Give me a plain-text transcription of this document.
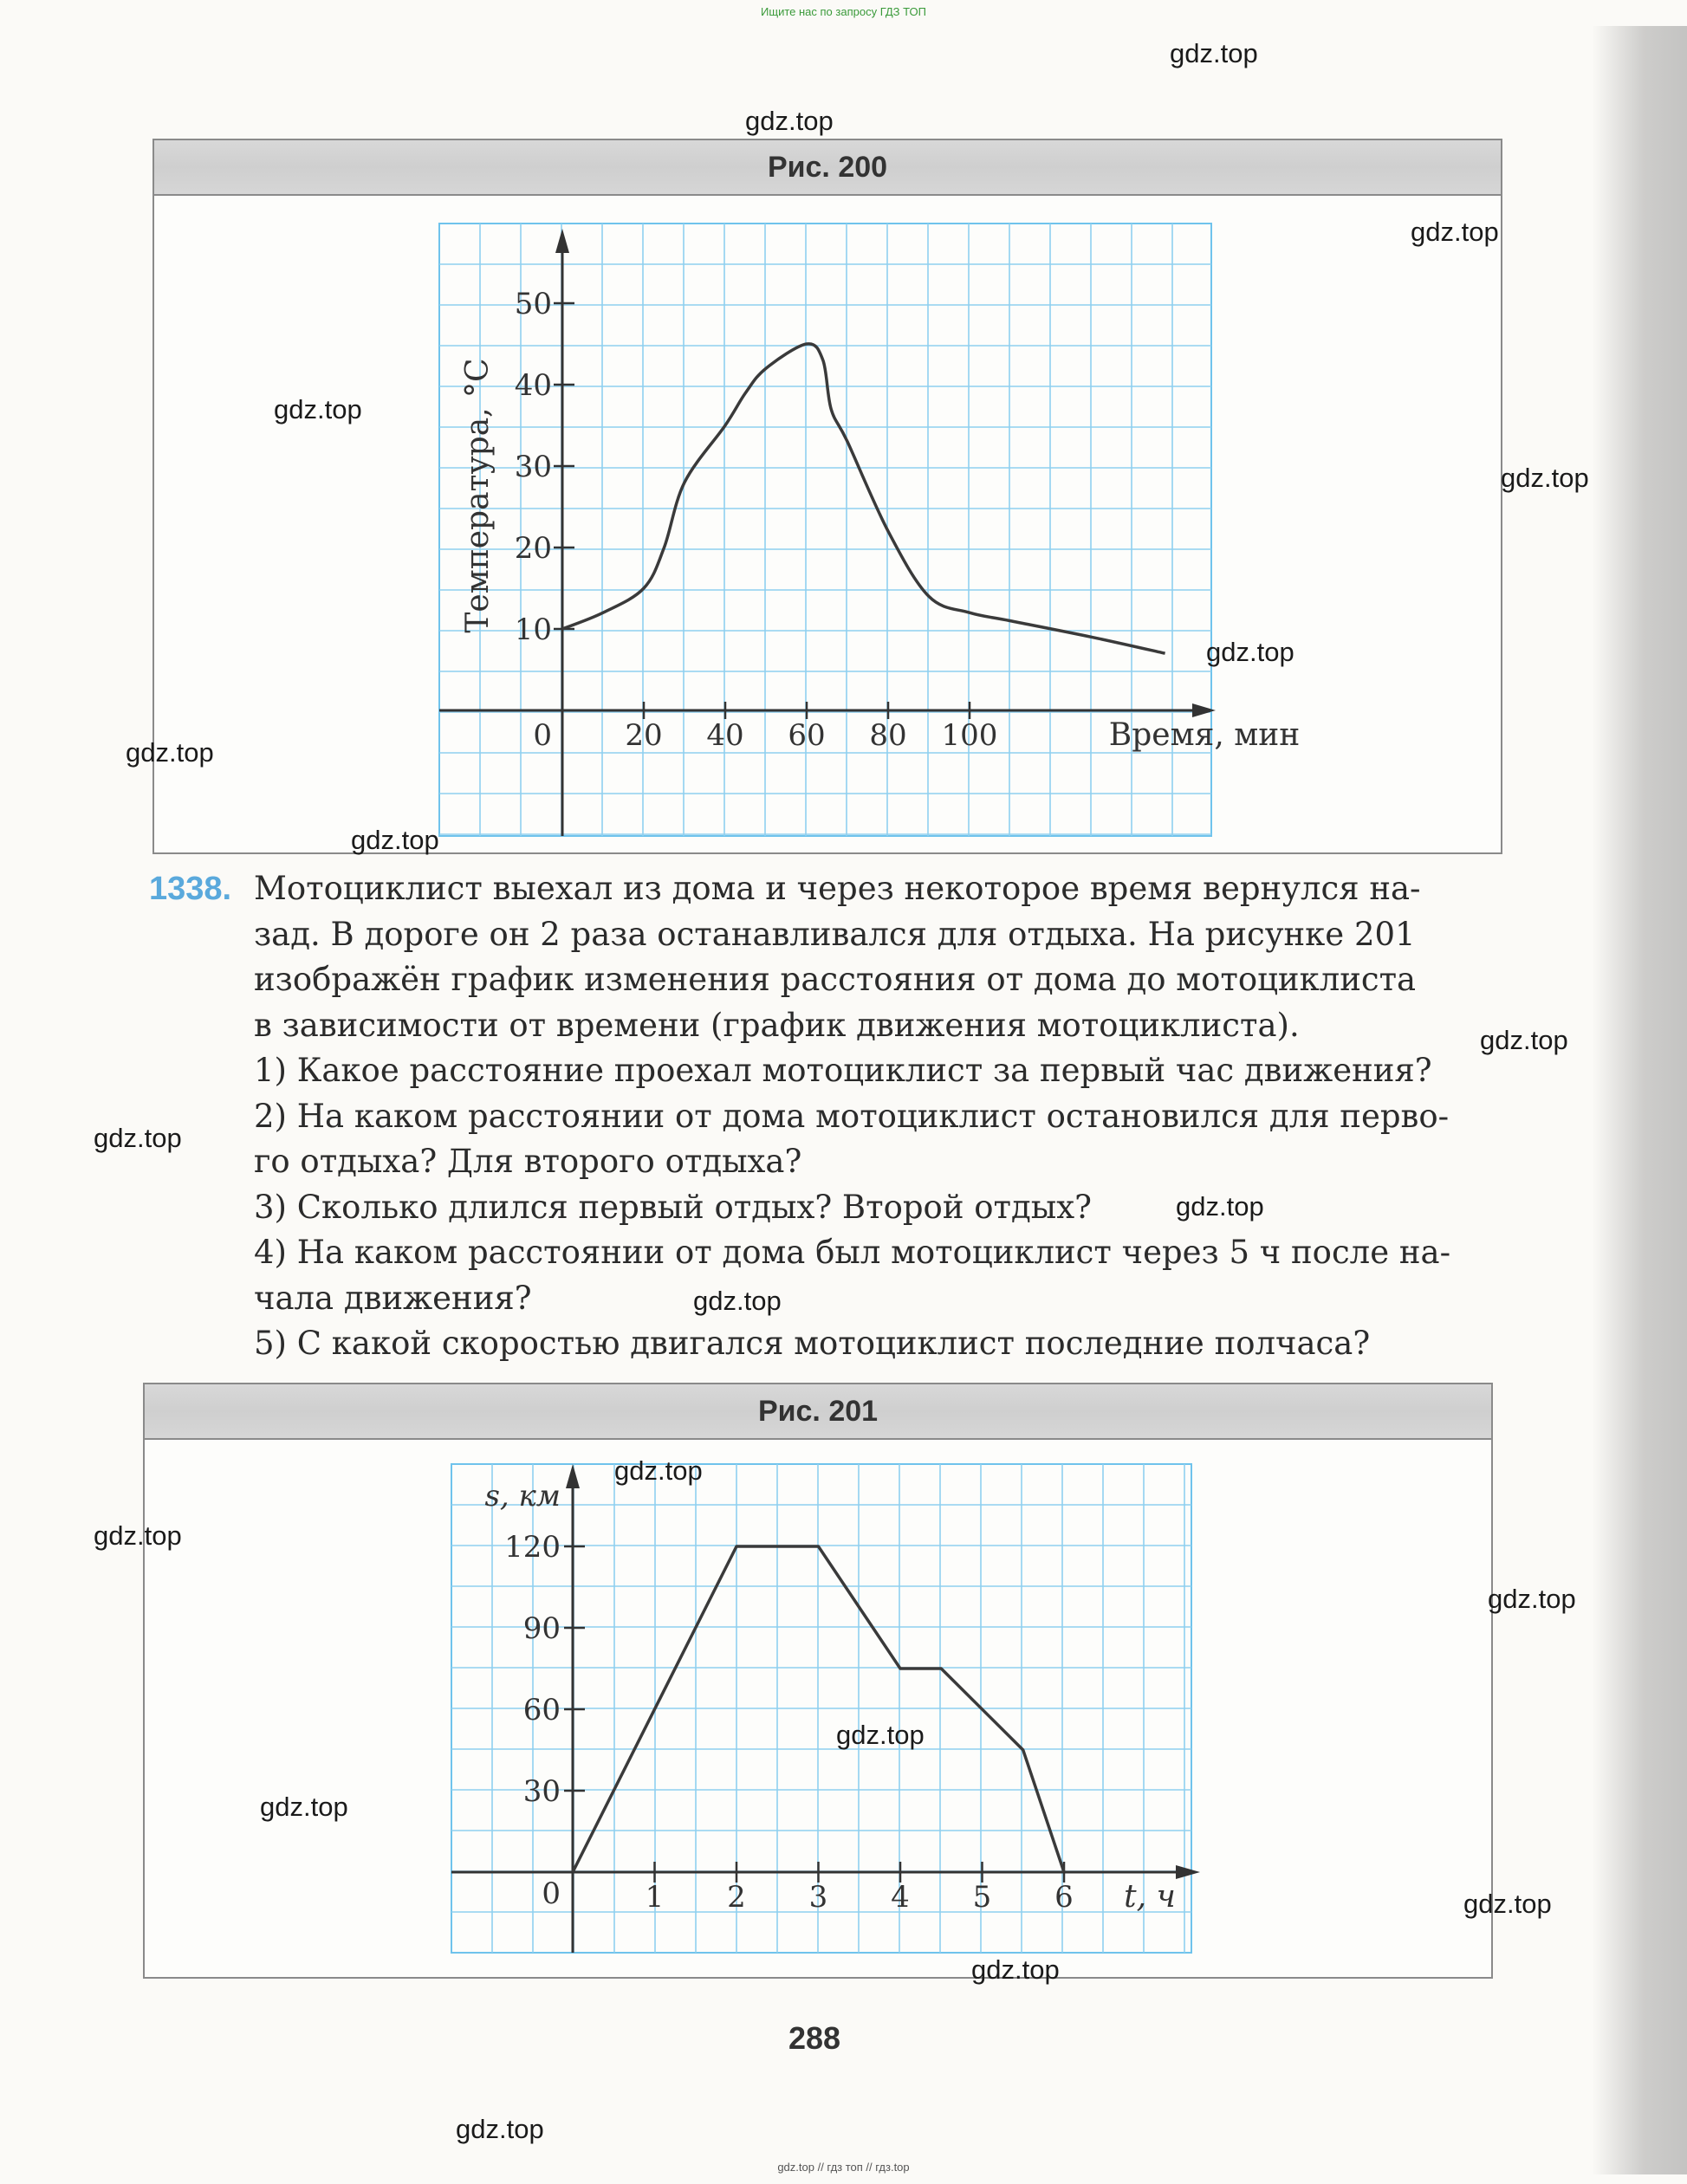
Ищите нас по запросу ГДЗ ТОП
Рис. 200
20 40 60 80 100
10
20
30
40
50
0	Время, мин
Температура, °C
1338. Мотоциклист выехал из дома и через некоторое время вернулся на-
зад. В дороге он 2 раза останавливался для отдыха. На рисунке 201
изображён график изменения расстояния от дома до мотоциклиста
в зависимости от времени (график движения мотоциклиста).
1) Какое расстояние проехал мотоциклист за первый час движения?
2) На каком расстоянии от дома мотоциклист остановился для перво-
го отдыха? Для второго отдыха?
3) Сколько длился первый отдых? Второй отдых?
4) На каком расстоянии от дома был мотоциклист через 5 ч после на-
чала движения?
5) С какой скоростью двигался мотоциклист последние полчаса?
Рис. 201
1 2 3 4 5 6
30
60
90
120
0	t, ч
s, км
288
gdz.top
gdz.top
gdz.top
gdz.top
gdz.top
gdz.top
gdz.top
gdz.top
gdz.top
gdz.top
gdz.top
gdz.top
gdz.top
gdz.top
gdz.top
gdz.top
gdz.top
gdz.top
gdz.top
gdz.top
gdz.top // гдз топ // гдз.top
